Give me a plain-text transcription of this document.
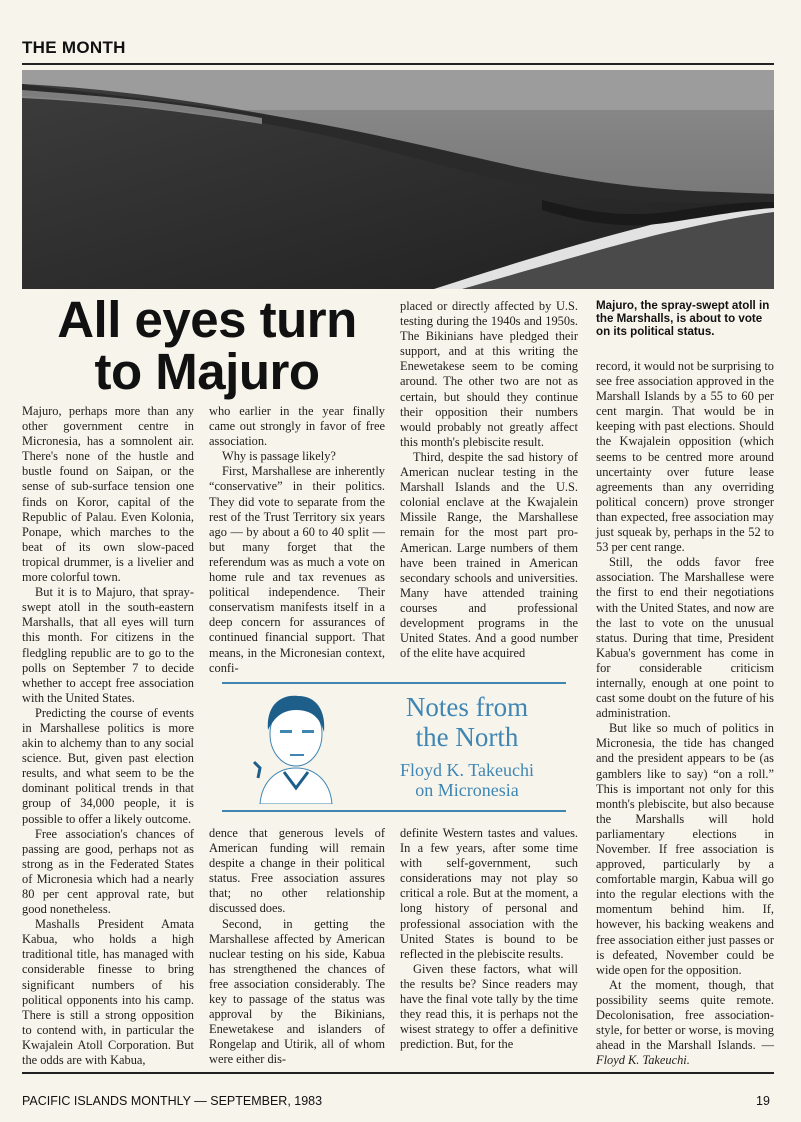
THE MONTH
All eyes turn
to Majuro

Majuro, perhaps more than any other government centre in Micronesia, has a somnolent air. There's none of the hustle and bustle found on Saipan, or the sense of sub-surface tension one finds on Koror, capital of the Republic of Palau. Even Kolonia, Ponape, which marches to the beat of its own slow-paced tropical drummer, is a livelier and more colorful town.

But it is to Majuro, that spray-swept atoll in the south-eastern Marshalls, that all eyes will turn this month. For citizens in the fledgling republic are to go to the polls on September 7 to decide whether to accept free association with the United States.

Predicting the course of events in Marshallese politics is more akin to alchemy than to any social science. But, given past election results, and what seem to be the dominant political trends in that group of 34,000 people, it is possible to offer a likely outcome.

Free association's chances of passing are good, perhaps not as strong as in the Federated States of Micronesia which had a nearly 80 per cent approval rate, but good nonetheless.

Mashalls President Amata Kabua, who holds a high traditional title, has managed with considerable finesse to bring significant numbers of his political opponents into his camp. There is still a strong opposition to contend with, in particular the Kwajalein Atoll Corporation. But the odds are with Kabua,

who earlier in the year finally came out strongly in favor of free association.

Why is passage likely?

First, Marshallese are inherently “conservative” in their politics. They did vote to separate from the rest of the Trust Territory six years ago — by about a 60 to 40 split — but many forget that the referendum was as much a vote on home rule and tax revenues as political independence. Their conservatism manifests itself in a deep concern for assurances of continued financial support. That means, in the Micronesian context, confi-

placed or directly affected by U.S. testing during the 1940s and 1950s. The Bikinians have pledged their support, and at this writing the Enewetakese seem to be coming around. The other two are not as certain, but should they continue their opposition their numbers would probably not greatly affect this month's plebiscite result.

Third, despite the sad history of American nuclear testing in the Marshall Islands and the U.S. colonial enclave at the Kwajalein Missile Range, the Marshallese remain for the most part pro-American. Large numbers of them have been trained in American secondary schools and universities. Many have attended training courses and professional development programs in the United States. And a good number of the elite have acquired

Majuro, the spray-swept atoll in the Marshalls, is about to vote on its political status.

record, it would not be surprising to see free association approved in the Marshall Islands by a 55 to 60 per cent margin. That would be in keeping with past elections. Should the Kwajalein opposition (which seems to be centred more around uncertainty over future lease agreements than any overriding political concern) prove stronger than expected, free association may just squeak by, perhaps in the 52 to 53 per cent range.

Still, the odds favor free association. The Marshallese were the first to end their negotiations with the United States, and now are the last to vote on the unusual status. During that time, President Kabua's government has come in for considerable criticism internally, enough at one point to cast some doubt on the future of his administration.

But like so much of politics in Micronesia, the tide has changed and the president appears to be (as gamblers like to say) “on a roll.” This is important not only for this month's plebiscite, but also because the Marshalls will hold parliamentary elections in November. If free association is approved, particularly by a comfortable margin, Kabua will go into the regular elections with the momentum behind him. If, however, his backing weakens and free association either just passes or is defeated, November could be wide open for the opposition.

At the moment, though, that possibility seems quite remote. Decolonisation, free association-style, for better or worse, is moving ahead in the Marshall Islands. — Floyd K. Takeuchi.

Notes from
the North
Floyd K. Takeuchi
on Micronesia

dence that generous levels of American funding will remain despite a change in their political status. Free association assures that; no other relationship discussed does.

Second, in getting the Marshallese affected by American nuclear testing on his side, Kabua has strengthened the chances of free association considerably. The key to passage of the status was approval by the Bikinians, Enewetakese and islanders of Rongelap and Utirik, all of whom were either dis-

definite Western tastes and values. In a few years, after some time with self-government, such considerations may not play so critical a role. But at the moment, a long history of personal and professional association with the United States is bound to be reflected in the plebiscite results.

Given these factors, what will the results be? Since readers may have the final vote tally by the time they read this, it is perhaps not the wisest strategy to offer a definitive prediction. But, for the

PACIFIC ISLANDS MONTHLY — SEPTEMBER, 1983	19
